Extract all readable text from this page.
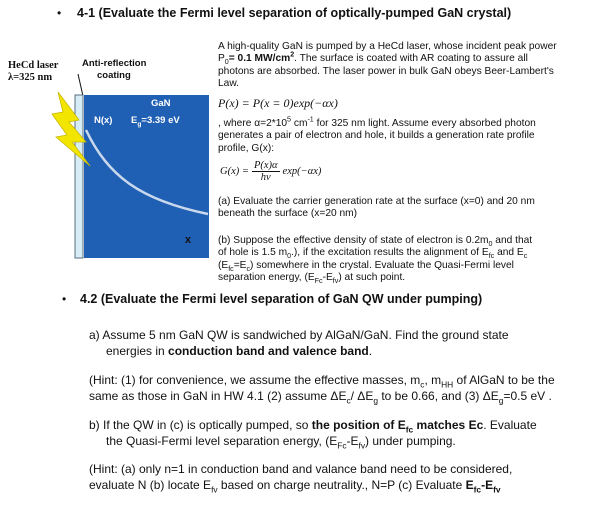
• 4-1 (Evaluate the Fermi level separation of optically-pumped GaN crystal)
HeCd laser
λ=325 nm
Anti-reflection
coating
GaN
N(x) $E_g=3.39$ eV
x
A high-quality GaN is pumped by a HeCd laser, whose incident peak power
$P_0= 0.1$ $MW/cm^2$. The surface is coated with AR coating to assure all
photons are absorbed. The laser power in bulk GaN obeys Beer-Lambert's
Law.
P(x) = P(x = 0)exp(−αx)
, where $\alpha=2*10^5$ $cm^{-1}$ for 325 nm light. Assume every absorbed photon
generates a pair of electron and hole, it builds a generation rate profile
profile, G(x):
$G(x) = \frac{P(x)\alpha}{h\nu} \exp(-\alpha x)$
(a) Evaluate the carrier generation rate at the surface (x=0) and 20 nm
beneath the surface (x=20 nm)
(b) Suppose the effective density of state of electron is $0.2m_0$ and that
of hole is 1.5 $m_0$.), if the excitation results the alignment of $E_{fc}$ and $E_c$
$(E_{fc}=E_c)$ somewhere in the crystal. Evaluate the Quasi-Fermi level
separation energy, $(E_{Fc}-E_{fv})$ at such point.
• 4.2 (Evaluate the Fermi level separation of GaN QW under pumping)
a) Assume 5 nm GaN QW is sandwiched by AlGaN/GaN. Find the ground state
energies in conduction band and valence band.
(Hint: (1) for convenience, we assume the effective masses, $m_c$, $m_{HH}$ of AlGaN to be the
same as those in GaN in HW 4.1 (2) assume $\Delta E_c/$ $\Delta E_g$ to be 0.66, and (3) $\Delta E_g=0.5$ eV .
b) If the QW in (c) is optically pumped, so the position of $E_{fc}$ matches Ec. Evaluate
the Quasi-Fermi level separation energy, $(E_{Fc}-E_{fv})$ under pumping.
(Hint: (a) only n=1 in conduction band and valance band need to be considered,
evaluate N (b) locate $E_{fv}$ based on charge neutrality., N=P (c) Evaluate $E_{fc}-E_{fv}$
